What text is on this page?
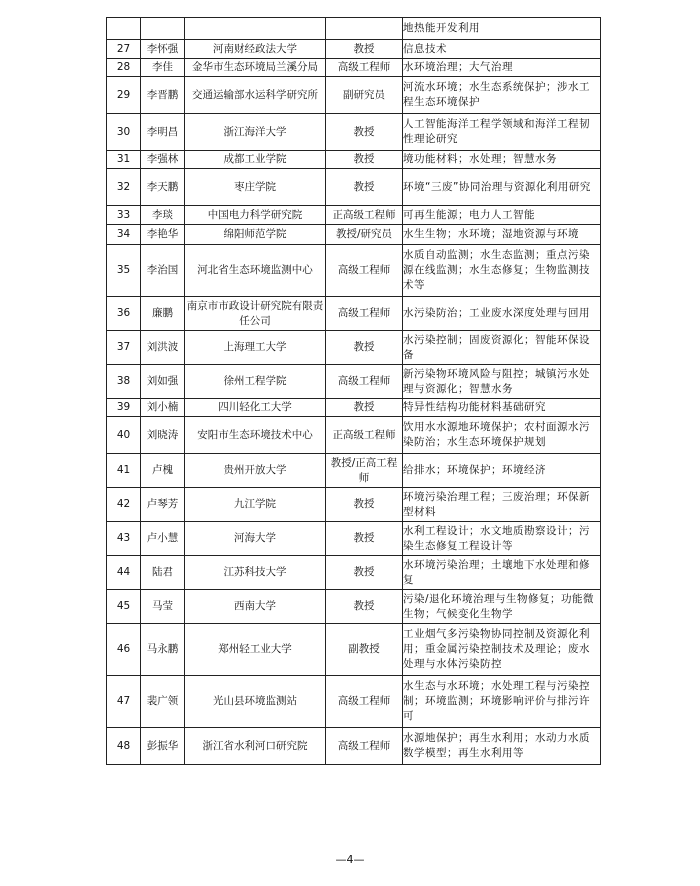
				地热能开发利用
27	李怀强	河南财经政法大学	教授	信息技术
28	李佳	金华市生态环境局兰溪分局	高级工程师	水环境治理；大气治理
29	李晋鹏	交通运输部水运科学研究所	副研究员	河流水环境；水生态系统保护；涉水工程生态环境保护
30	李明昌	浙江海洋大学	教授	人工智能海洋工程学领域和海洋工程韧性理论研究
31	李强林	成都工业学院	教授	境功能材料；水处理；智慧水务
32	李天鹏	枣庄学院	教授	环境“三废”协同治理与资源化利用研究
33	李琰	中国电力科学研究院	正高级工程师	可再生能源；电力人工智能
34	李艳华	绵阳师范学院	教授/研究员	水生生物；水环境；湿地资源与环境
35	李治国	河北省生态环境监测中心	高级工程师	水质自动监测；水生态监测；重点污染源在线监测；水生态修复；生物监测技术等
36	廉鹏	南京市市政设计研究院有限责任公司	高级工程师	水污染防治；工业废水深度处理与回用
37	刘洪波	上海理工大学	教授	水污染控制；固废资源化；智能环保设备
38	刘如强	徐州工程学院	高级工程师	新污染物环境风险与阻控；城镇污水处理与资源化；智慧水务
39	刘小楠	四川轻化工大学	教授	特异性结构功能材料基础研究
40	刘晓涛	安阳市生态环境技术中心	正高级工程师	饮用水水源地环境保护；农村面源水污染防治；水生态环境保护规划
41	卢槐	贵州开放大学	教授/正高工程师	给排水；环境保护；环境经济
42	卢琴芳	九江学院	教授	环境污染治理工程；三废治理；环保新型材料
43	卢小慧	河海大学	教授	水利工程设计；水文地质勘察设计；污染生态修复工程设计等
44	陆君	江苏科技大学	教授	水环境污染治理；土壤地下水处理和修复
45	马莹	西南大学	教授	污染/退化环境治理与生物修复；功能微生物；气候变化生物学
46	马永鹏	郑州轻工业大学	副教授	工业烟气多污染物协同控制及资源化利用；重金属污染控制技术及理论；废水处理与水体污染防控
47	裴广领	光山县环境监测站	高级工程师	水生态与水环境；水处理工程与污染控制；环境监测；环境影响评价与排污许可
48	彭振华	浙江省水利河口研究院	高级工程师	水源地保护；再生水利用；水动力水质数学模型；再生水利用等
—4—
